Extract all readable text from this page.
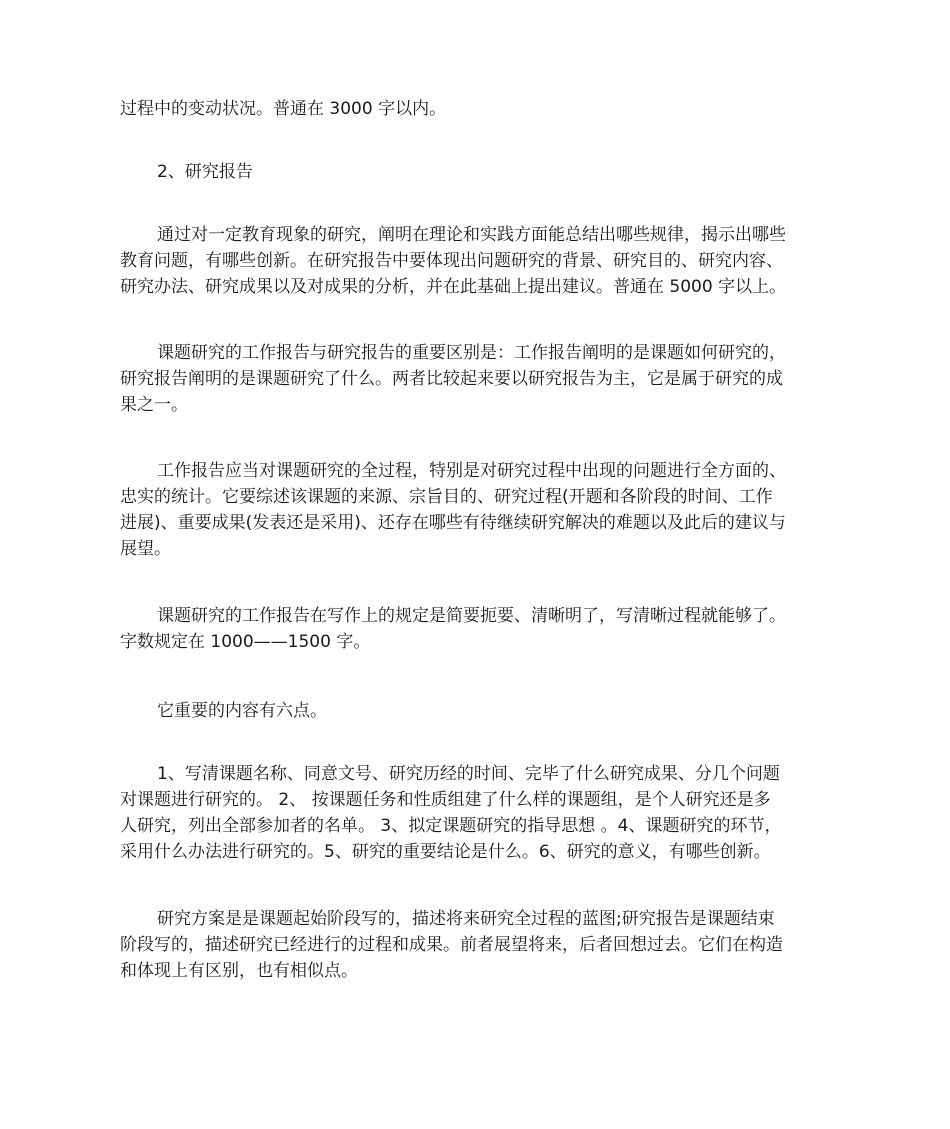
过程中的变动状况。普通在 3000 字以内。

2、研究报告

通过对一定教育现象的研究，阐明在理论和实践方面能总结出哪些规律，揭示出哪些
教育问题，有哪些创新。在研究报告中要体现出问题研究的背景、研究目的、研究内容、
研究办法、研究成果以及对成果的分析，并在此基础上提出建议。普通在 5000 字以上。

课题研究的工作报告与研究报告的重要区别是：工作报告阐明的是课题如何研究的，
研究报告阐明的是课题研究了什么。两者比较起来要以研究报告为主，它是属于研究的成
果之一。

工作报告应当对课题研究的全过程，特别是对研究过程中出现的问题进行全方面的、
忠实的统计。它要综述该课题的来源、宗旨目的、研究过程(开题和各阶段的时间、工作
进展)、重要成果(发表还是采用)、还存在哪些有待继续研究解决的难题以及此后的建议与
展望。

课题研究的工作报告在写作上的规定是简要扼要、清晰明了，写清晰过程就能够了。
字数规定在 1000——1500 字。

它重要的内容有六点。

1、写清课题名称、同意文号、研究历经的时间、完毕了什么研究成果、分几个问题
对课题进行研究的。 2、 按课题任务和性质组建了什么样的课题组，是个人研究还是多
人研究，列出全部参加者的名单。 3、拟定课题研究的指导思想 。4、课题研究的环节，
采用什么办法进行研究的。5、研究的重要结论是什么。6、研究的意义，有哪些创新。

研究方案是是课题起始阶段写的，描述将来研究全过程的蓝图;研究报告是课题结束
阶段写的，描述研究已经进行的过程和成果。前者展望将来，后者回想过去。它们在构造
和体现上有区别，也有相似点。
